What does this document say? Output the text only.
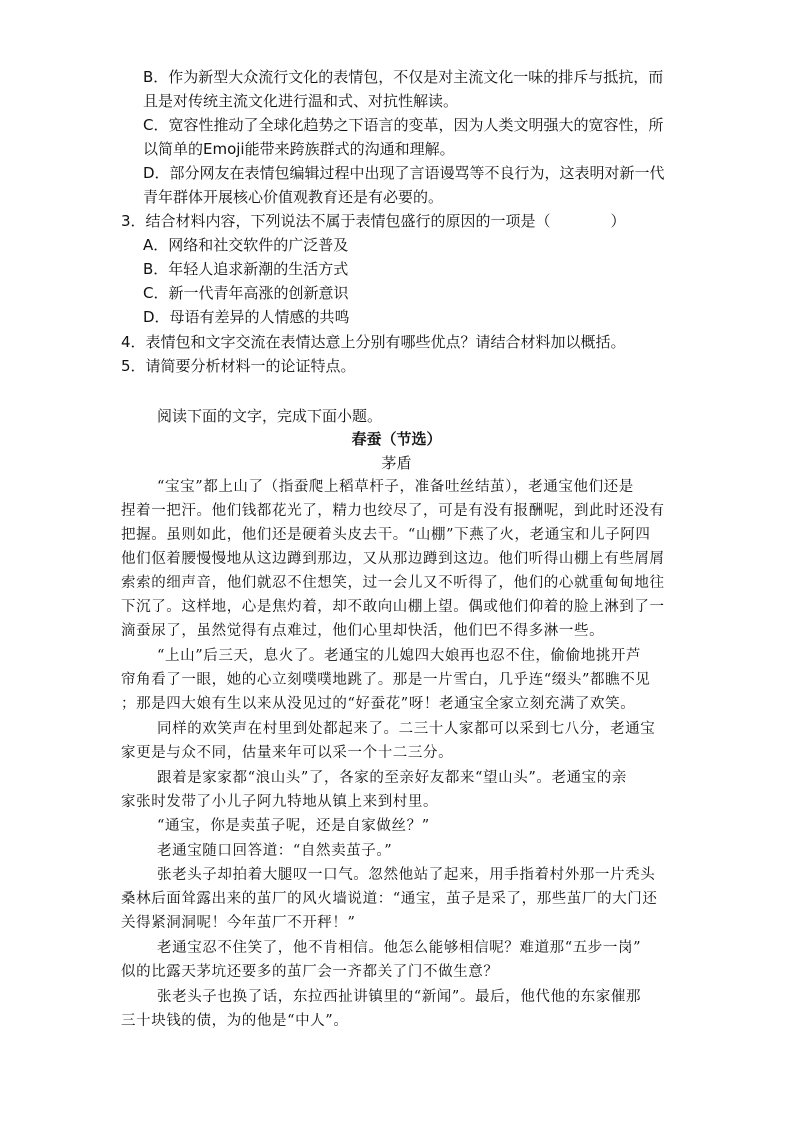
B．作为新型大众流行文化的表情包，不仅是对主流文化一味的排斥与抵抗，而
且是对传统主流文化进行温和式、对抗性解读。
C．宽容性推动了全球化趋势之下语言的变革，因为人类文明强大的宽容性，所
以简单的Emoji能带来跨族群式的沟通和理解。
D．部分网友在表情包编辑过程中出现了言语谩骂等不良行为，这表明对新一代
青年群体开展核心价值观教育还是有必要的。
3．结合材料内容，下列说法不属于表情包盛行的原因的一项是（　　　　）
A．网络和社交软件的广泛普及
B．年轻人追求新潮的生活方式
C．新一代青年高涨的创新意识
D．母语有差异的人情感的共鸣
4．表情包和文字交流在表情达意上分别有哪些优点？请结合材料加以概括。
5．请简要分析材料一的论证特点。
阅读下面的文字，完成下面小题。
春蚕（节选）
茅盾
“宝宝”都上山了（指蚕爬上稻草杆子，准备吐丝结茧），老通宝他们还是
捏着一把汗。他们钱都花光了，精力也绞尽了，可是有没有报酬呢，到此时还没有
把握。虽则如此，他们还是硬着头皮去干。“山棚”下燕了火，老通宝和儿子阿四
他们伛着腰慢慢地从这边蹲到那边，又从那边蹲到这边。他们听得山棚上有些屑屑
索索的细声音，他们就忍不住想笑，过一会儿又不听得了，他们的心就重甸甸地往
下沉了。这样地，心是焦灼着，却不敢向山棚上望。偶或他们仰着的脸上淋到了一
滴蚕尿了，虽然觉得有点难过，他们心里却快活，他们巴不得多淋一些。
“上山”后三天，息火了。老通宝的儿媳四大娘再也忍不住，偷偷地挑开芦
帘角看了一眼，她的心立刻噗噗地跳了。那是一片雪白，几乎连“缀头”都瞧不见
；那是四大娘有生以来从没见过的“好蚕花”呀！老通宝全家立刻充满了欢笑。
同样的欢笑声在村里到处都起来了。二三十人家都可以采到七八分，老通宝
家更是与众不同，估量来年可以采一个十二三分。
跟着是家家都“浪山头”了，各家的至亲好友都来“望山头”。老通宝的亲
家张时发带了小儿子阿九特地从镇上来到村里。
“通宝，你是卖茧子呢，还是自家做丝？”
老通宝随口回答道：“自然卖茧子。”
张老头子却拍着大腿叹一口气。忽然他站了起来，用手指着村外那一片秃头
桑林后面耸露出来的茧厂的风火墙说道：“通宝，茧子是采了，那些茧厂的大门还
关得紧洞洞呢！今年茧厂不开秤！”
老通宝忍不住笑了，他不肯相信。他怎么能够相信呢？难道那“五步一岗”
似的比露天茅坑还要多的茧厂会一齐都关了门不做生意？
张老头子也换了话，东拉西扯讲镇里的“新闻”。最后，他代他的东家催那
三十块钱的债，为的他是“中人”。
